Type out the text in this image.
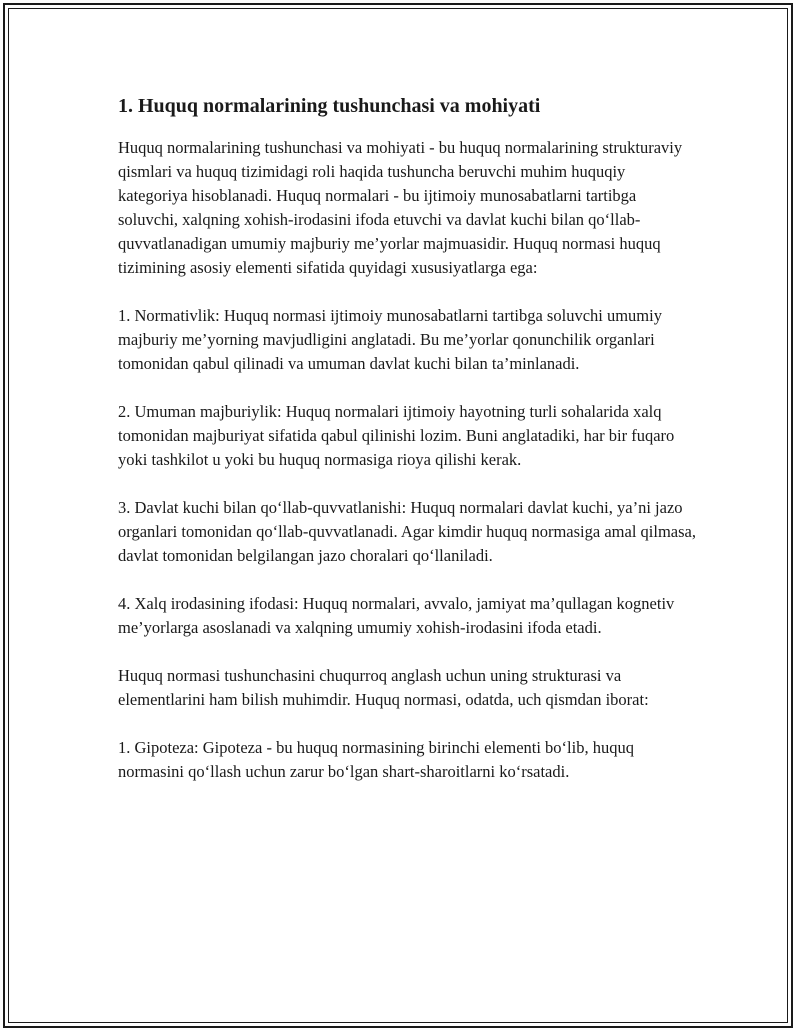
1. Huquq normalarining tushunchasi va mohiyati

Huquq normalarining tushunchasi va mohiyati - bu huquq normalarining strukturaviy qismlari va huquq tizimidagi roli haqida tushuncha beruvchi muhim huquqiy kategoriya hisoblanadi. Huquq normalari - bu ijtimoiy munosabatlarni tartibga soluvchi, xalqning xohish-irodasini ifoda etuvchi va davlat kuchi bilan qo‘llab-quvvatlanadigan umumiy majburiy me’yorlar majmuasidir. Huquq normasi huquq tizimining asosiy elementi sifatida quyidagi xususiyatlarga ega:

1. Normativlik: Huquq normasi ijtimoiy munosabatlarni tartibga soluvchi umumiy majburiy me’yorning mavjudligini anglatadi. Bu me’yorlar qonunchilik organlari tomonidan qabul qilinadi va umuman davlat kuchi bilan ta’minlanadi.

2. Umuman majburiylik: Huquq normalari ijtimoiy hayotning turli sohalarida xalq tomonidan majburiyat sifatida qabul qilinishi lozim. Buni anglatadiki, har bir fuqaro yoki tashkilot u yoki bu huquq normasiga rioya qilishi kerak.

3. Davlat kuchi bilan qo‘llab-quvvatlanishi: Huquq normalari davlat kuchi, ya’ni jazo organlari tomonidan qo‘llab-quvvatlanadi. Agar kimdir huquq normasiga amal qilmasa, davlat tomonidan belgilangan jazo choralari qo‘llaniladi.

4. Xalq irodasining ifodasi: Huquq normalari, avvalo, jamiyat ma’qullagan kognetiv me’yorlarga asoslanadi va xalqning umumiy xohish-irodasini ifoda etadi.

Huquq normasi tushunchasini chuqurroq anglash uchun uning strukturasi va elementlarini ham bilish muhimdir. Huquq normasi, odatda, uch qismdan iborat:

1. Gipoteza: Gipoteza - bu huquq normasining birinchi elementi bo‘lib, huquq normasini qo‘llash uchun zarur bo‘lgan shart-sharoitlarni ko‘rsatadi.
